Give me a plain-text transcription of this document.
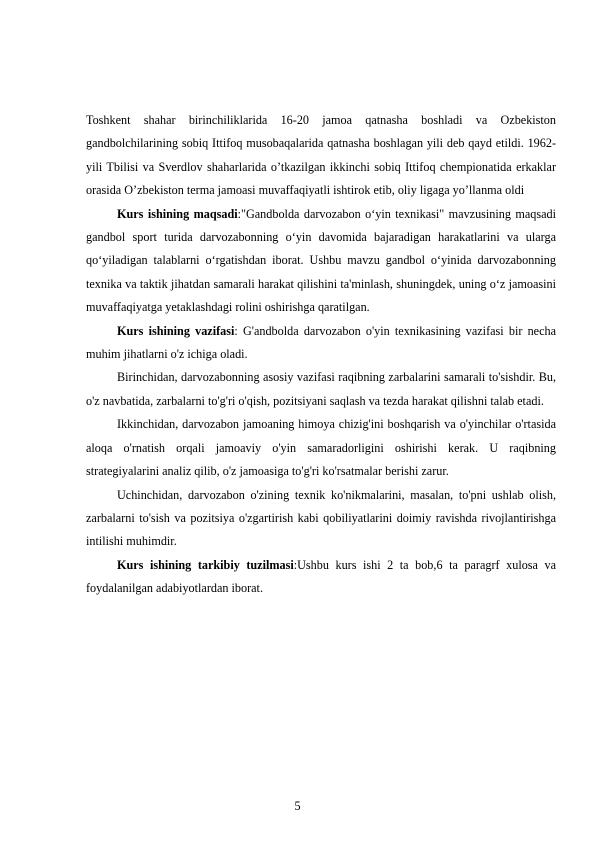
Toshkent shahar birinchiliklarida 16-20 jamoa qatnasha boshladi va Ozbekiston gandbolchilarining sobiq Ittifoq musobaqalarida qatnasha boshlagan yili deb qayd etildi. 1962-yili Tbilisi va Sverdlov shaharlarida o’tkazilgan ikkinchi sobiq Ittifoq chempionatida erkaklar orasida O’zbekiston terma jamoasi muvaffaqiyatli ishtirok etib, oliy ligaga yo’llanma oldi

Kurs ishining maqsadi:"Gandbolda darvozabon o‘yin texnikasi" mavzusining maqsadi gandbol sport turida darvozabonning o‘yin davomida bajaradigan harakatlarini va ularga qo‘yiladigan talablarni o‘rgatishdan iborat. Ushbu mavzu gandbol o‘yinida darvozabonning texnika va taktik jihatdan samarali harakat qilishini ta'minlash, shuningdek, uning o‘z jamoasini muvaffaqiyatga yetaklashdagi rolini oshirishga qaratilgan.

Kurs ishining vazifasi: G'andbolda darvozabon o'yin texnikasining vazifasi bir necha muhim jihatlarni o'z ichiga oladi.

Birinchidan, darvozabonning asosiy vazifasi raqibning zarbalarini samarali to'sishdir. Bu, o'z navbatida, zarbalarni to'g'ri o'qish, pozitsiyani saqlash va tezda harakat qilishni talab etadi.

Ikkinchidan, darvozabon jamoaning himoya chizig'ini boshqarish va o'yinchilar o'rtasida aloqa o'rnatish orqali jamoaviy o'yin samaradorligini oshirishi kerak. U raqibning strategiyalarini analiz qilib, o'z jamoasiga to'g'ri ko'rsatmalar berishi zarur.

Uchinchidan, darvozabon o'zining texnik ko'nikmalarini, masalan, to'pni ushlab olish, zarbalarni to'sish va pozitsiya o'zgartirish kabi qobiliyatlarini doimiy ravishda rivojlantirishga intilishi muhimdir.

Kurs ishining tarkibiy tuzilmasi:Ushbu kurs ishi 2 ta bob,6 ta paragrf xulosa va foydalanilgan adabiyotlardan iborat.

5
